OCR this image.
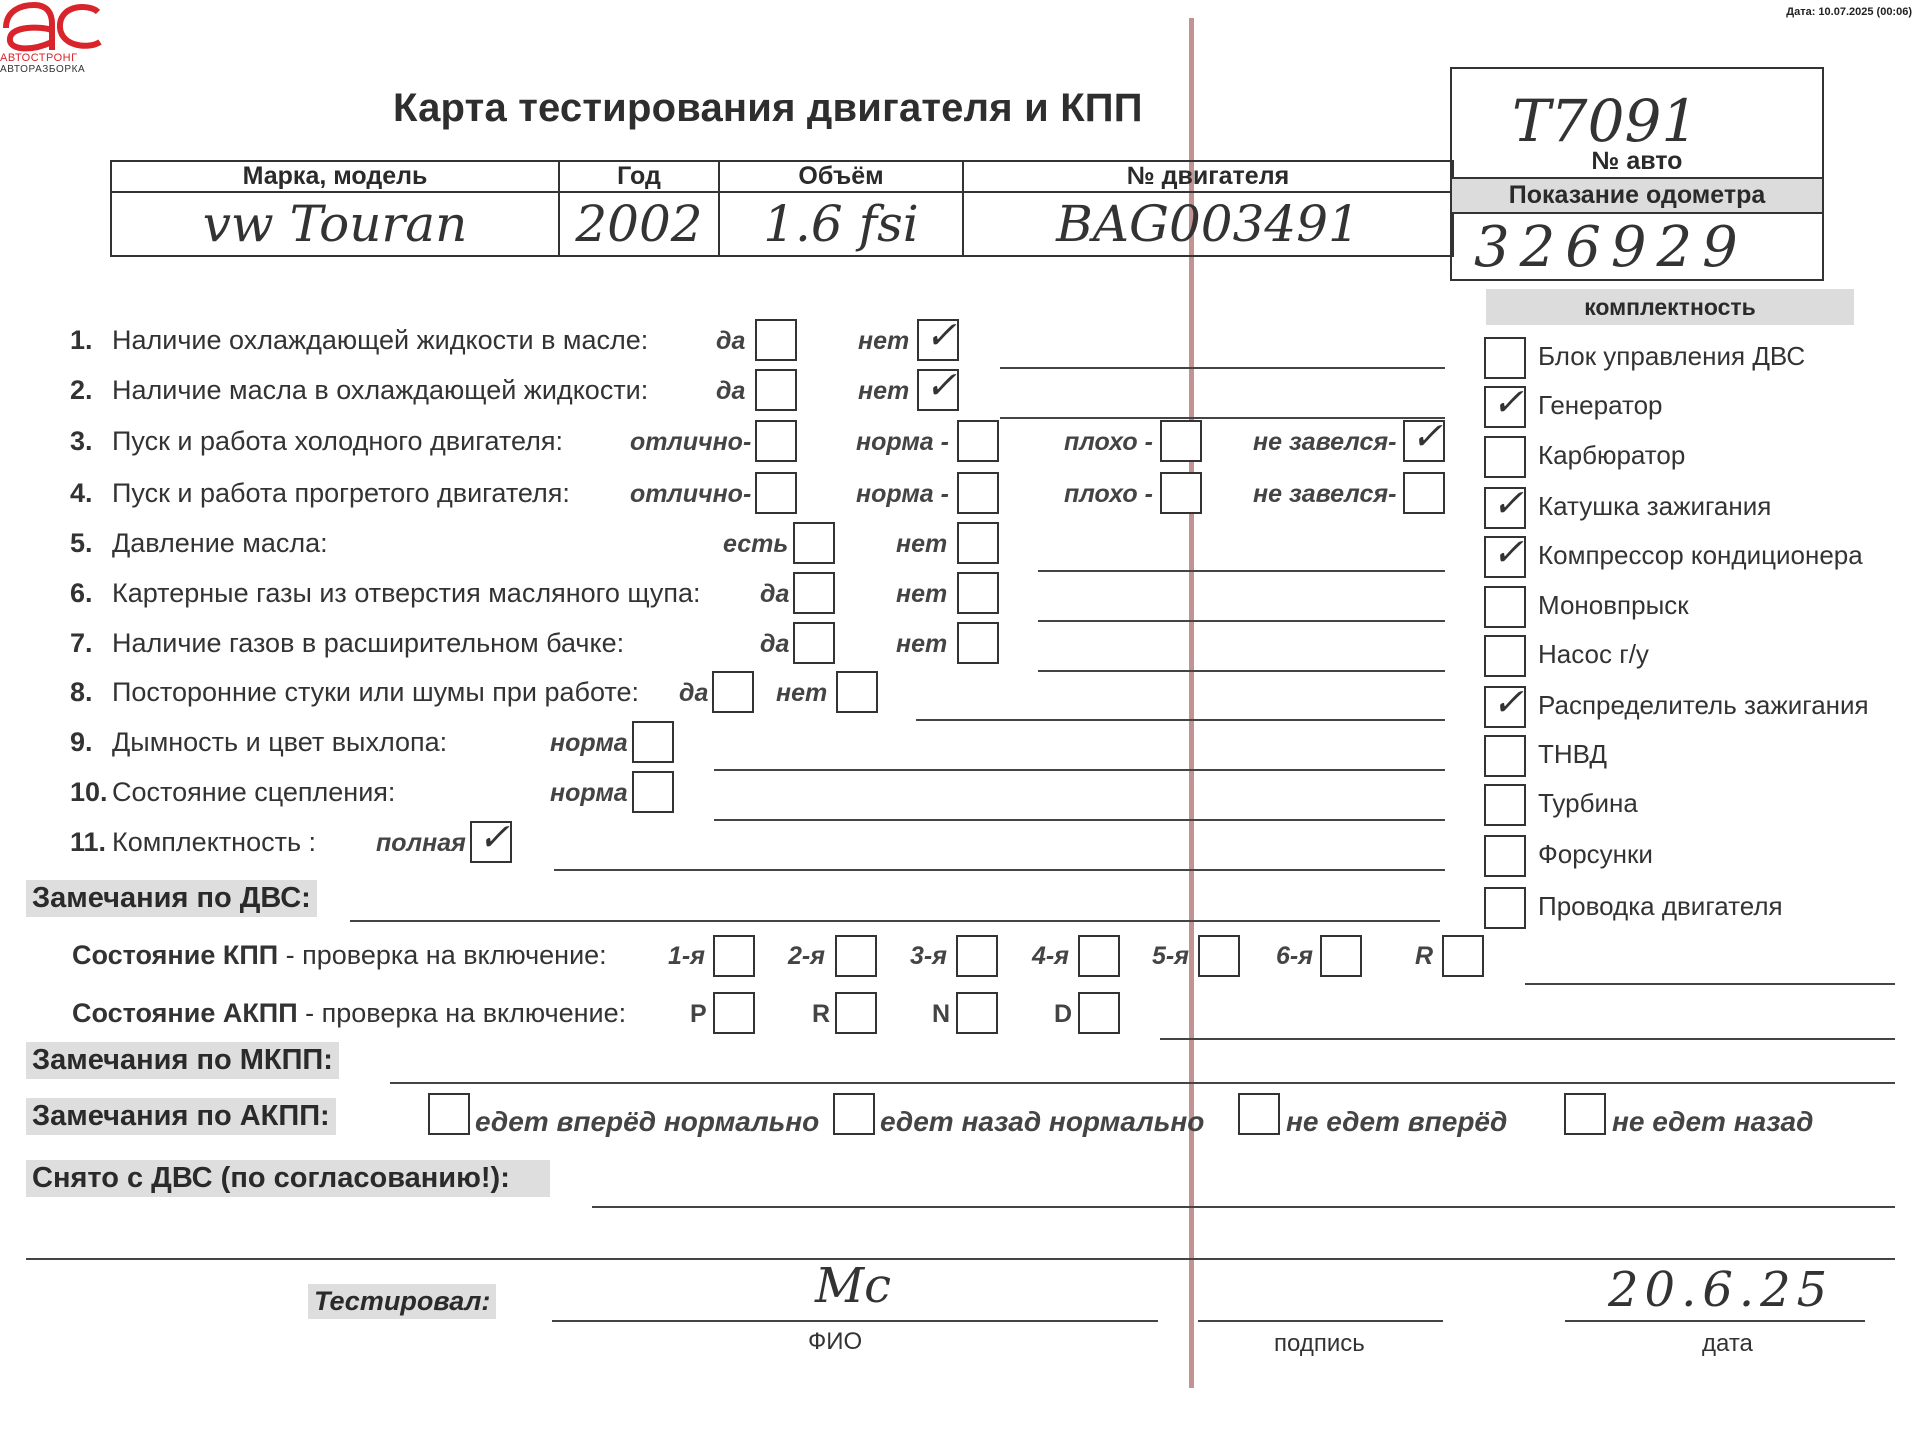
АВТОСТРОНГ
АВТОРАЗБОРКА
Дата: 10.07.2025 (00:06)
Карта тестирования двигателя и КПП
Марка, модель	Год	Объём	№ двигателя
vw Touran	2002	1.6 fsi	BAG003491
T7091
№ авто
Показание одометра
326929
комплектность
Блок управления ДВС
✓ Генератор
Карбюратор
✓ Катушка зажигания
✓ Компрессор кондиционера
Моновпрыск
Насос г/у
✓ Распределитель зажигания
ТНВД
Турбина
Форсунки
Проводка двигателя
1. Наличие охлаждающей жидкости в масле:	да	нет ✓
2. Наличие масла в охлаждающей жидкости:	да	нет ✓
3. Пуск и работа холодного двигателя:	отлично-	норма -	плохо -	не завелся- ✓
4. Пуск и работа прогретого двигателя: отлично-	норма -	плохо -	не завелся-
5. Давление масла:	есть	нет
6. Картерные газы из отверстия масляного щупа: да	нет
7. Наличие газов в расширительном бачке:	да	нет
8. Посторонние стуки или шумы при работе: да	нет
9. Дымность и цвет выхлопа:	норма
10. Состояние сцепления:	норма
11. Комплектность : полная ✓
Замечания по ДВС:
Состояние КПП - проверка на включение: 1-я	2-я	3-я	4-я	5-я	6-я	R
Состояние АКПП - проверка на включение:	P	R	N	D
Замечания по МКПП:
Замечания по АКПП:	едет вперёд нормально едет назад нормально	не едет вперёд	не едет назад
Снято с ДВС (по согласованию!):
Тестировал:	Mc
ФИО	подпись
20.6.25
дата
